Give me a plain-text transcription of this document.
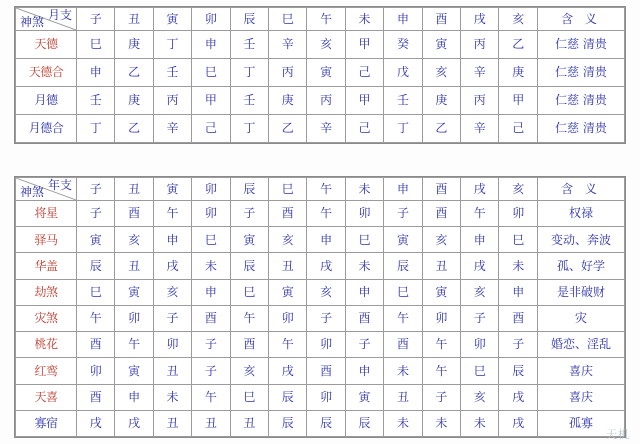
月支
神煞	子	丑	寅	卯	辰	巳	午	未	申	酉	戌	亥	含 义
天德	巳	庚	丁	申	壬	辛	亥	甲	癸	寅	丙	乙	仁慈 清贵
天德合	申	乙	壬	巳	丁	丙	寅	己	戊	亥	辛	庚	仁慈 清贵
月德	壬	庚	丙	甲	壬	庚	丙	甲	壬	庚	丙	甲	仁慈 清贵
月德合	丁	乙	辛	己	丁	乙	辛	己	丁	乙	辛	己	仁慈 清贵
年支
神煞	子	丑	寅	卯	辰	巳	午	未	申	酉	戌	亥	含 义
将星	子	酉	午	卯	子	酉	午	卯	子	酉	午	卯	权禄
驿马	寅	亥	申	巳	寅	亥	申	巳	寅	亥	申	巳	变动、奔波
华盖	辰	丑	戌	未	辰	丑	戌	未	辰	丑	戌	未	孤、好学
劫煞	巳	寅	亥	申	巳	寅	亥	申	巳	寅	亥	申	是非破财
灾煞	午	卯	子	酉	午	卯	子	酉	午	卯	子	酉	灾
桃花	酉	午	卯	子	酉	午	卯	子	酉	午	卯	子	婚恋、淫乱
红鸾	卯	寅	丑	子	亥	戌	酉	申	未	午	巳	辰	喜庆
天喜	酉	申	未	午	巳	辰	卯	寅	丑	子	亥	戌	喜庆
寡宿	戌	戌	丑	丑	丑	辰	辰	辰	未	未	未	戌	孤寡
天机
